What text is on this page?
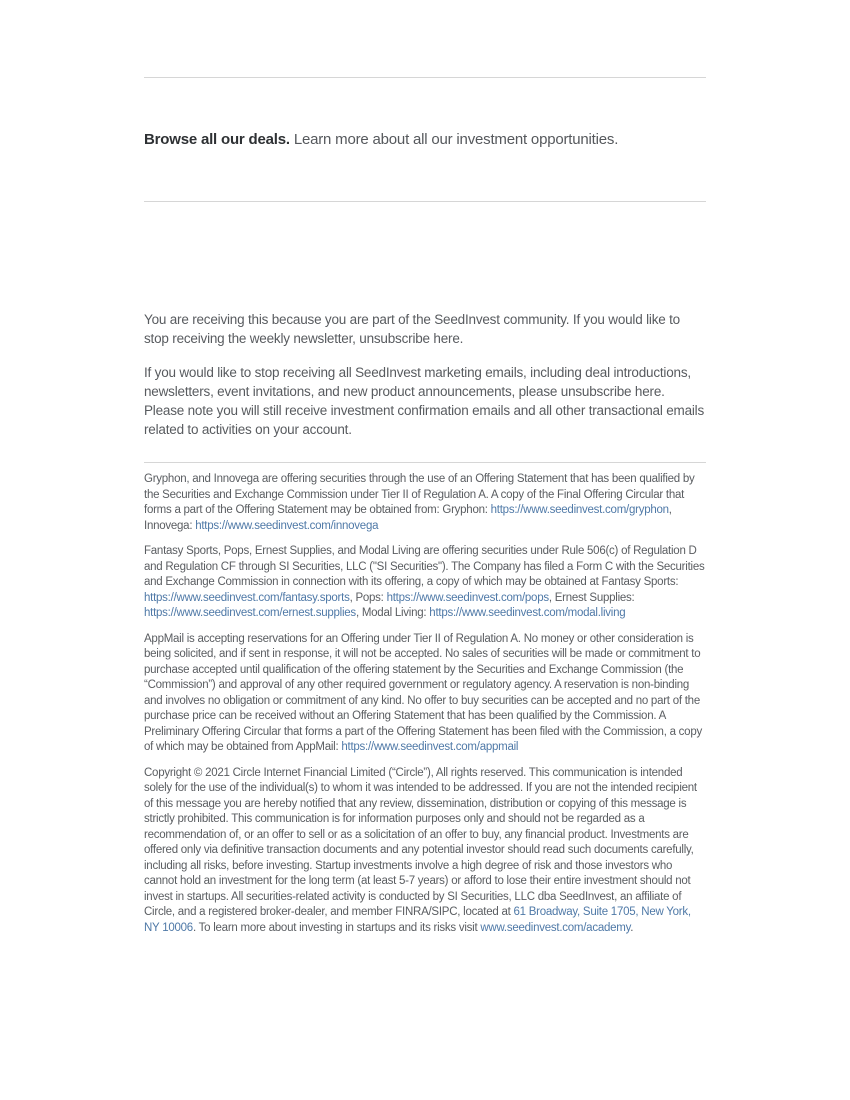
Browse all our deals. Learn more about all our investment opportunities.

You are receiving this because you are part of the SeedInvest community. If you would like to stop receiving the weekly newsletter, unsubscribe here.

If you would like to stop receiving all SeedInvest marketing emails, including deal introductions, newsletters, event invitations, and new product announcements, please unsubscribe here. Please note you will still receive investment confirmation emails and all other transactional emails related to activities on your account.

Gryphon, and Innovega are offering securities through the use of an Offering Statement that has been qualified by the Securities and Exchange Commission under Tier II of Regulation A. A copy of the Final Offering Circular that forms a part of the Offering Statement may be obtained from: Gryphon: https://www.seedinvest.com/gryphon, Innovega: https://www.seedinvest.com/innovega

Fantasy Sports, Pops, Ernest Supplies, and Modal Living are offering securities under Rule 506(c) of Regulation D and Regulation CF through SI Securities, LLC ("SI Securities"). The Company has filed a Form C with the Securities and Exchange Commission in connection with its offering, a copy of which may be obtained at Fantasy Sports: https://www.seedinvest.com/fantasy.sports, Pops: https://www.seedinvest.com/pops, Ernest Supplies: https://www.seedinvest.com/ernest.supplies, Modal Living: https://www.seedinvest.com/modal.living

AppMail is accepting reservations for an Offering under Tier II of Regulation A. No money or other consideration is being solicited, and if sent in response, it will not be accepted. No sales of securities will be made or commitment to purchase accepted until qualification of the offering statement by the Securities and Exchange Commission (the “Commission”) and approval of any other required government or regulatory agency. A reservation is non-binding and involves no obligation or commitment of any kind. No offer to buy securities can be accepted and no part of the purchase price can be received without an Offering Statement that has been qualified by the Commission. A Preliminary Offering Circular that forms a part of the Offering Statement has been filed with the Commission, a copy of which may be obtained from AppMail: https://www.seedinvest.com/appmail

Copyright © 2021 Circle Internet Financial Limited (“Circle”), All rights reserved. This communication is intended solely for the use of the individual(s) to whom it was intended to be addressed. If you are not the intended recipient of this message you are hereby notified that any review, dissemination, distribution or copying of this message is strictly prohibited. This communication is for information purposes only and should not be regarded as a recommendation of, or an offer to sell or as a solicitation of an offer to buy, any financial product. Investments are offered only via definitive transaction documents and any potential investor should read such documents carefully, including all risks, before investing. Startup investments involve a high degree of risk and those investors who cannot hold an investment for the long term (at least 5-7 years) or afford to lose their entire investment should not invest in startups. All securities-related activity is conducted by SI Securities, LLC dba SeedInvest, an affiliate of Circle, and a registered broker-dealer, and member FINRA/SIPC, located at 61 Broadway, Suite 1705, New York, NY 10006. To learn more about investing in startups and its risks visit www.seedinvest.com/academy.
